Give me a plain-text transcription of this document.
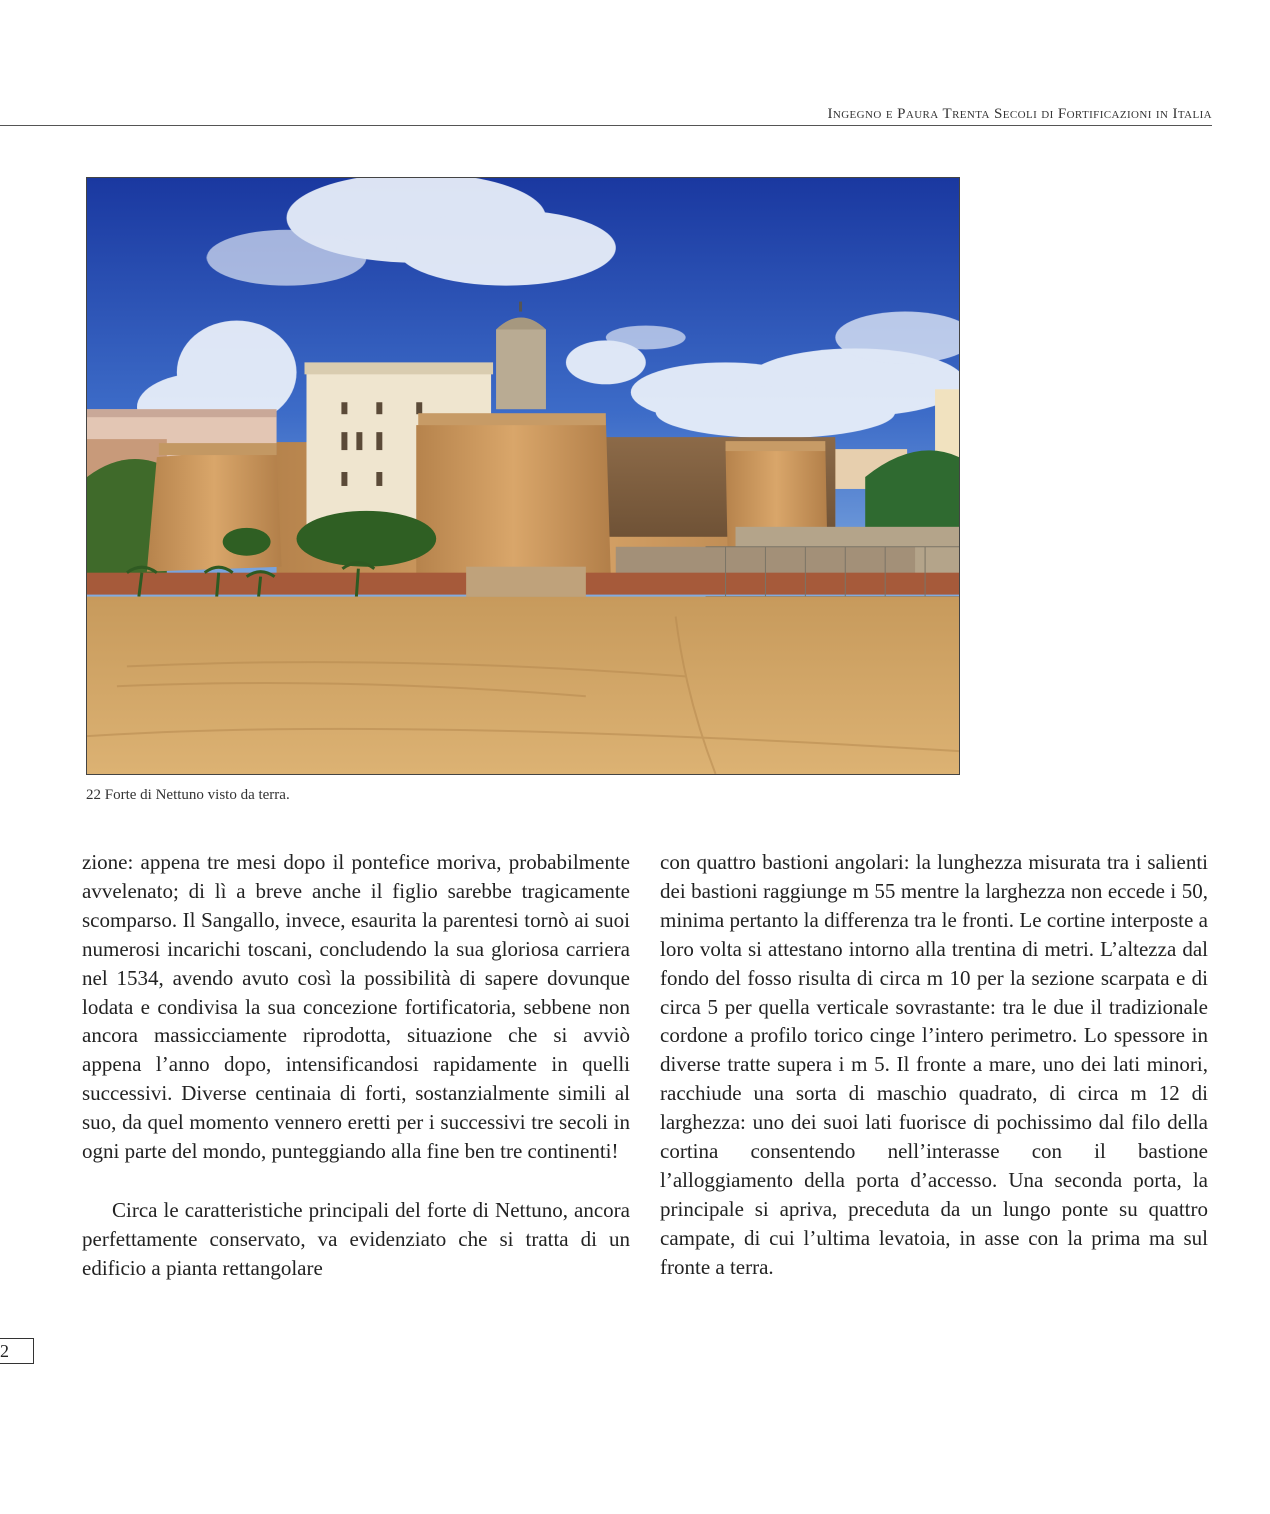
Ingegno e Paura Trenta Secoli di Fortificazioni in Italia
22 Forte di Nettuno visto da terra.

zione: appena tre mesi dopo il pontefice moriva, probabilmente avvelenato; di lì a breve anche il figlio sarebbe tragicamente scomparso. Il Sangallo, invece, esaurita la parentesi tornò ai suoi numerosi incarichi toscani, concludendo la sua gloriosa carriera nel 1534, avendo avuto così la possibilità di sapere dovunque lodata e condivisa la sua concezione fortificatoria, sebbene non ancora massicciamente riprodotta, situazione che si avviò appena l’anno dopo, intensificandosi rapidamente in quelli successivi. Diverse centinaia di forti, sostanzialmente simili al suo, da quel momento vennero eretti per i successivi tre secoli in ogni parte del mondo, punteggiando alla fine ben tre continenti!

Circa le caratteristiche principali del forte di Nettuno, ancora perfettamente conservato, va evidenziato che si tratta di un edificio a pianta rettangolare

con quattro bastioni angolari: la lunghezza misurata tra i salienti dei bastioni raggiunge m 55 mentre la larghezza non eccede i 50, minima pertanto la differenza tra le fronti. Le cortine interposte a loro volta si attestano intorno alla trentina di metri. L’altezza dal fondo del fosso risulta di circa m 10 per la sezione scarpata e di circa 5 per quella verticale sovrastante: tra le due il tradizionale cordone a profilo torico cinge l’intero perimetro. Lo spessore in diverse tratte supera i m 5. Il fronte a mare, uno dei lati minori, racchiude una sorta di maschio quadrato, di circa m 12 di larghezza: uno dei suoi lati fuorisce di pochissimo dal filo della cortina consentendo nell’interasse con il bastione l’alloggiamento della porta d’accesso. Una seconda porta, la principale si apriva, preceduta da un lungo ponte su quattro campate, di cui l’ultima levatoia, in asse con la prima ma sul fronte a terra.

2
